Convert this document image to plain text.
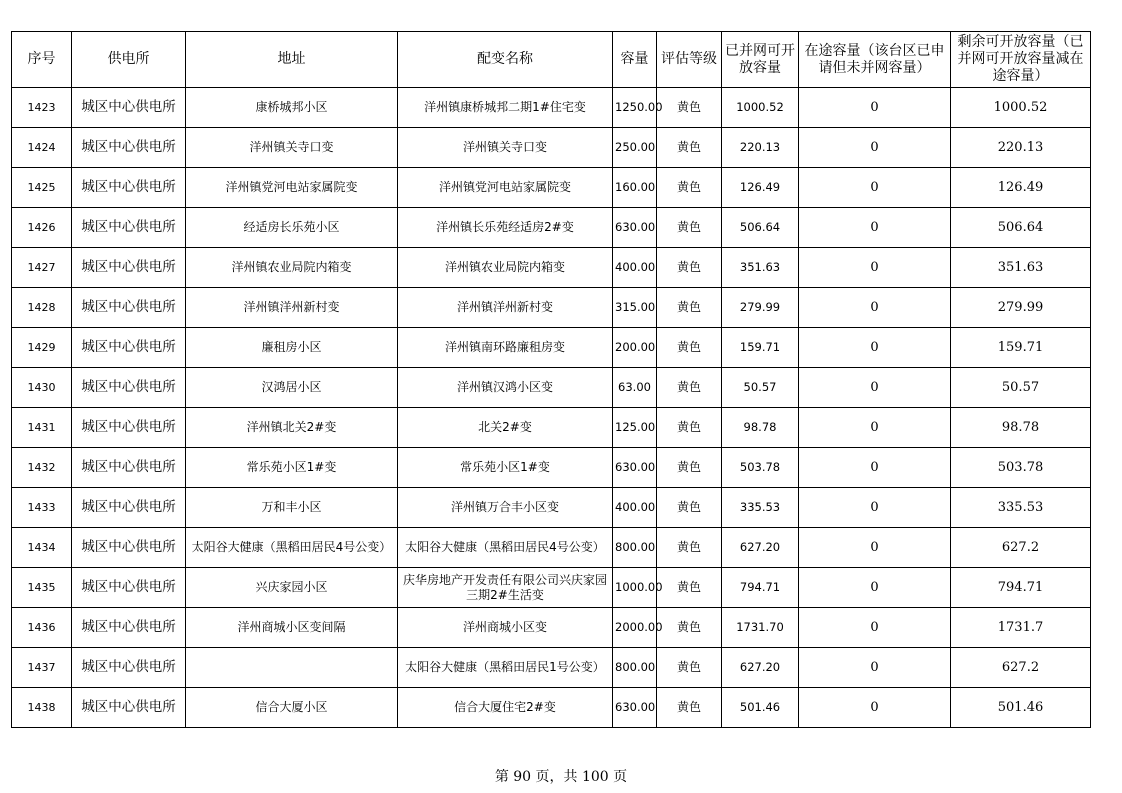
序号	供电所	地址	配变名称	容量	评估等级	已并网可开放容量	在途容量（该台区已申请但未并网容量）	剩余可开放容量（已并网可开放容量减在途容量）
1423	城区中心供电所	康桥城邦小区	洋州镇康桥城邦二期1#住宅变	1250.00	黄色	1000.52	0	1000.52
1424	城区中心供电所	洋州镇关寺口变	洋州镇关寺口变	250.00	黄色	220.13	0	220.13
1425	城区中心供电所	洋州镇党河电站家属院变	洋州镇党河电站家属院变	160.00	黄色	126.49	0	126.49
1426	城区中心供电所	经适房长乐苑小区	洋州镇长乐苑经适房2#变	630.00	黄色	506.64	0	506.64
1427	城区中心供电所	洋州镇农业局院内箱变	洋州镇农业局院内箱变	400.00	黄色	351.63	0	351.63
1428	城区中心供电所	洋州镇洋州新村变	洋州镇洋州新村变	315.00	黄色	279.99	0	279.99
1429	城区中心供电所	廉租房小区	洋州镇南环路廉租房变	200.00	黄色	159.71	0	159.71
1430	城区中心供电所	汉鸿居小区	洋州镇汉鸿小区变	63.00	黄色	50.57	0	50.57
1431	城区中心供电所	洋州镇北关2#变	北关2#变	125.00	黄色	98.78	0	98.78
1432	城区中心供电所	常乐苑小区1#变	常乐苑小区1#变	630.00	黄色	503.78	0	503.78
1433	城区中心供电所	万和丰小区	洋州镇万合丰小区变	400.00	黄色	335.53	0	335.53
1434	城区中心供电所	太阳谷大健康（黑稻田居民4号公变）	太阳谷大健康（黑稻田居民4号公变）	800.00	黄色	627.20	0	627.2
1435	城区中心供电所	兴庆家园小区	庆华房地产开发责任有限公司兴庆家园三期2#生活变	1000.00	黄色	794.71	0	794.71
1436	城区中心供电所	洋州商城小区变间隔	洋州商城小区变	2000.00	黄色	1731.70	0	1731.7
1437	城区中心供电所		太阳谷大健康（黑稻田居民1号公变）	800.00	黄色	627.20	0	627.2
1438	城区中心供电所	信合大厦小区	信合大厦住宅2#变	630.00	黄色	501.46	0	501.46
第 90 页，共 100 页
